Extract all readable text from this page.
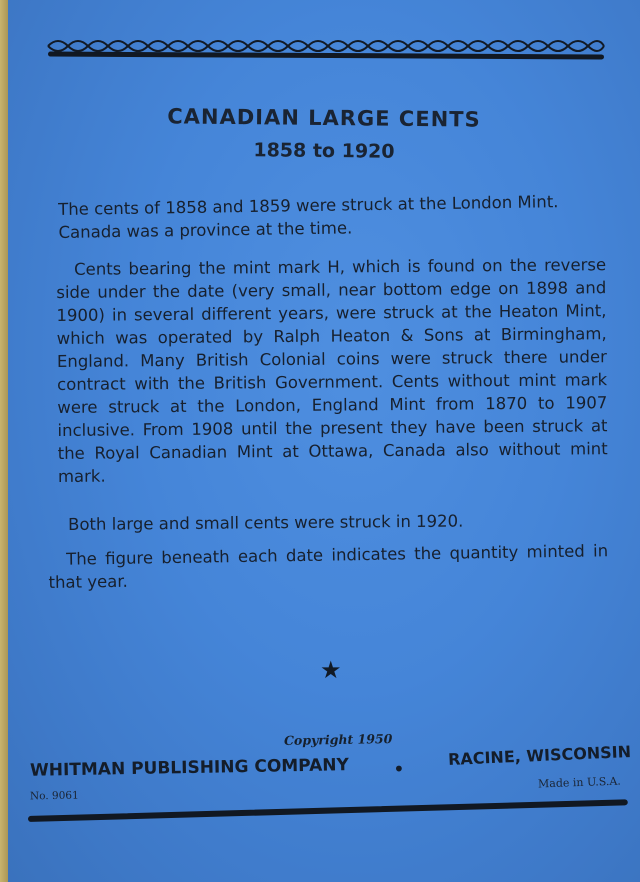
CANADIAN LARGE CENTS
1858 to 1920
The cents of 1858 and 1859 were struck at the London Mint. Canada was a province at the time.
Cents bearing the mint mark H, which is found on the reverse side under the date (very small, near bottom edge on 1898 and 1900) in several different years, were struck at the Heaton Mint, which was operated by Ralph Heaton & Sons at Birmingham, England. Many British Colonial coins were struck there under contract with the British Government. Cents without mint mark were struck at the London, England Mint from 1870 to 1907 inclusive. From 1908 until the present they have been struck at the Royal Canadian Mint at Ottawa, Canada also without mint mark.
Both large and small cents were struck in 1920.
The figure beneath each date indicates the quantity minted in that year.
★
Copyright 1950
WHITMAN PUBLISHING COMPANY •
RACINE, WISCONSIN
No. 9061
Made in U.S.A.
